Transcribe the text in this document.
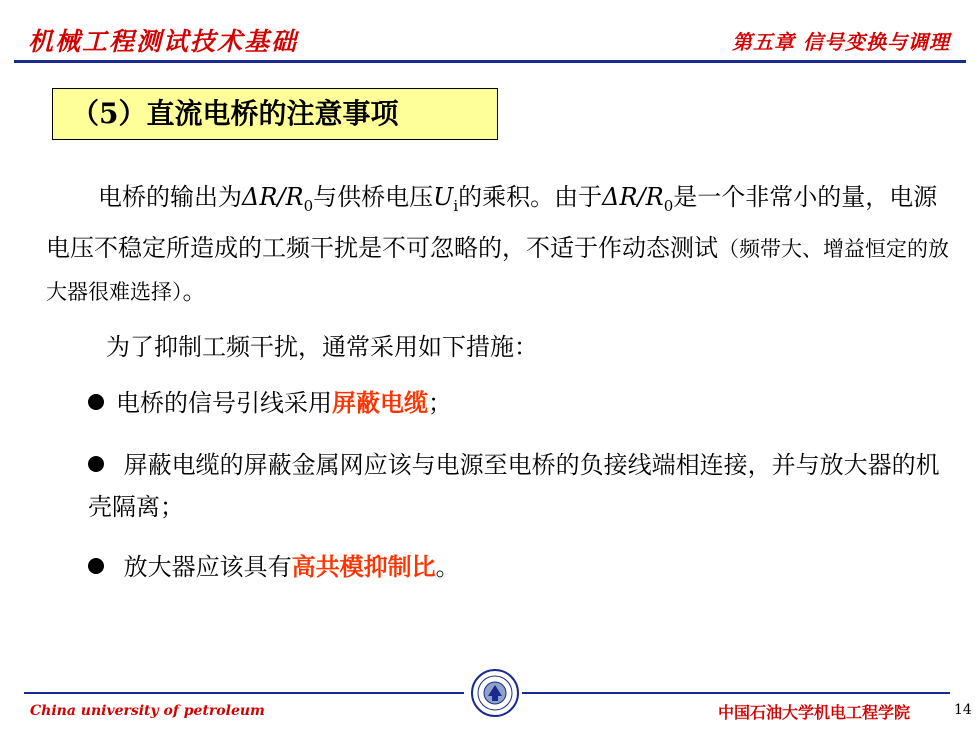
机械工程测试技术基础	第五章 信号变换与调理
（5）直流电桥的注意事项
电桥的输出为$\Delta R/R_0$与供桥电压$U_i$的乘积。由于$\Delta R/R_0$是一个非常小的量，电源电压不稳定所造成的工频干扰是不可忽略的，不适于作动态测试（频带大、增益恒定的放大器很难选择）。
为了抑制工频干扰，通常采用如下措施：
电桥的信号引线采用屏蔽电缆；
屏蔽电缆的屏蔽金属网应该与电源至电桥的负接线端相连接，并与放大器的机壳隔离；
放大器应该具有高共模抑制比。
China university of petroleum	中国石油大学机电工程学院	14
